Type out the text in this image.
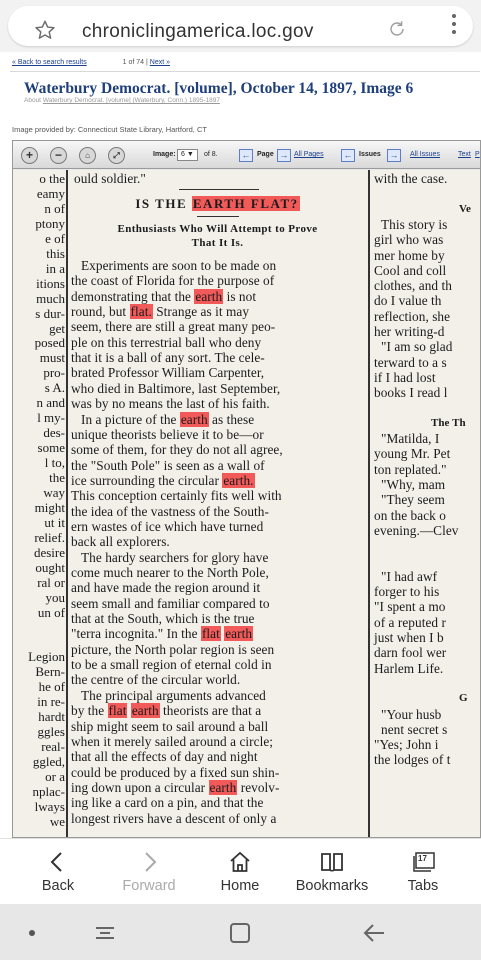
chroniclingamerica.loc.gov
« Back to search results	1 of 74 | Next »
Waterbury Democrat. [volume], October 14, 1897, Image 6
About Waterbury Democrat. [volume] (Waterbury, Conn.) 1895-1897
Image provided by: Connecticut State Library, Hartford, CT
+	−	⌂	⤢	Image: 6 ▼	of 8.	← Page → All Pages ← Issues →	All Issues	Text P
o the
eamy
n of
ptony
e of
this
in a
itions
much
s dur-
get
posed
must
pro-
s A.
n and
l my-
des-
some
l to,
the
way
might
ut it
relief.
desire
ought
ral or
you
un of
Legion
Bern-
he of
in re-
hardt
ggles
real-
ggled,
or a
nplac-
lways
we
ould soldier."
IS THE EARTH FLAT?
Enthusiasts Who Will Attempt to Prove
That It Is.
Experiments are soon to be made on
the coast of Florida for the purpose of
demonstrating that the earth is not
round, but flat. Strange as it may
seem, there are still a great many peo-
ple on this terrestrial ball who deny
that it is a ball of any sort. The cele-
brated Professor William Carpenter,
who died in Baltimore, last September,
was by no means the last of his faith.
In a picture of the earth as these
unique theorists believe it to be—or
some of them, for they do not all agree,
the "South Pole" is seen as a wall of
ice surrounding the circular earth.
This conception certainly fits well with
the idea of the vastness of the South-
ern wastes of ice which have turned
back all explorers.
The hardy searchers for glory have
come much nearer to the North Pole,
and have made the region around it
seem small and familiar compared to
that at the South, which is the true
"terra incognita." In the flat earth
picture, the North polar region is seen
to be a small region of eternal cold in
the centre of the circular world.
The principal arguments advanced
by the flat earth theorists are that a
ship might seem to sail around a ball
when it merely sailed around a circle;
that all the effects of day and night
could be produced by a fixed sun shin-
ing down upon a circular earth revolv-
ing like a card on a pin, and that the
longest rivers have a descent of only a
with the case.
Ve
This story is
girl who was
mer home by
Cool and coll
clothes, and th
do I value th
reflection, she
her writing-d
"I am so glad
terward to a s
if I had lost
books I read l
The Th
"Matilda, I
young Mr. Pet
ton replated."
"Why, mam
"They seem
on the back o
evening.—Clev
"I had awf
forger to his
"I spent a mo
of a reputed r
just when I b
darn fool wer
Harlem Life.
G
"Your husb
nent secret s
"Yes; John i
the lodges of t
Back	Forward	Home	Bookmarks
17
Tabs
